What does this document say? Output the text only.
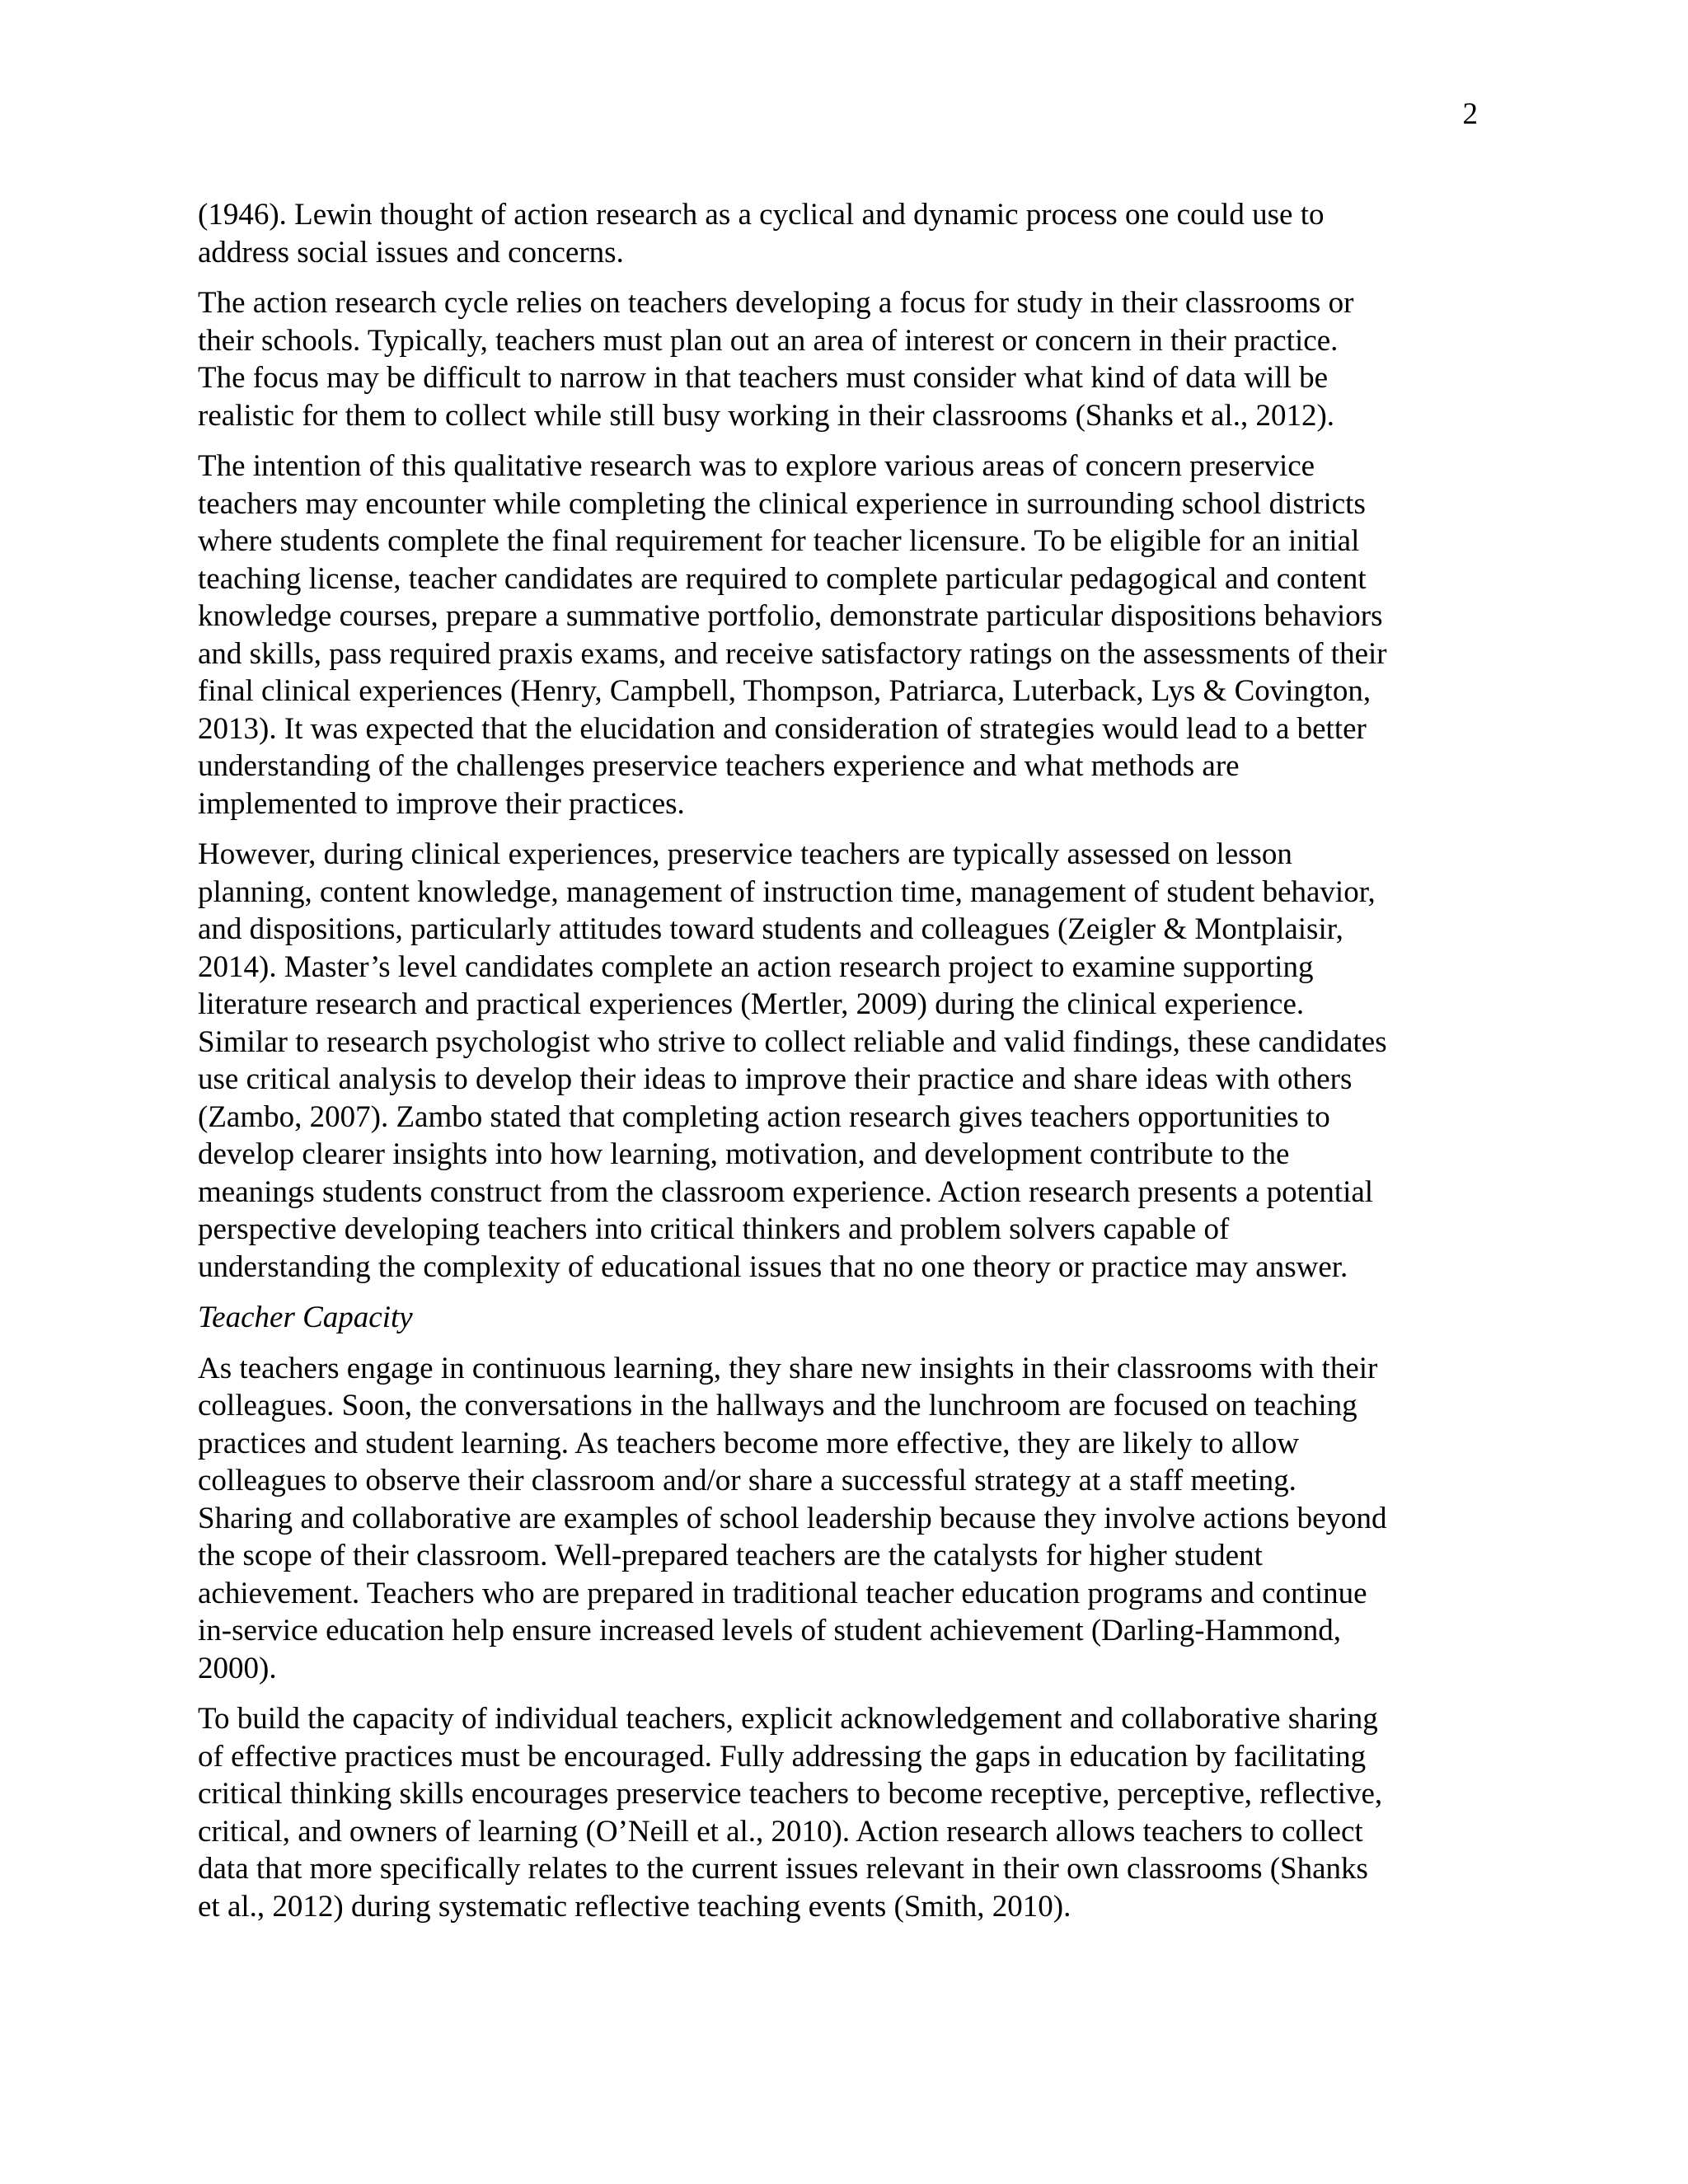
2

(1946). Lewin thought of action research as a cyclical and dynamic process one could use to
address social issues and concerns.

The action research cycle relies on teachers developing a focus for study in their classrooms or
their schools. Typically, teachers must plan out an area of interest or concern in their practice.
The focus may be difficult to narrow in that teachers must consider what kind of data will be
realistic for them to collect while still busy working in their classrooms (Shanks et al., 2012).

The intention of this qualitative research was to explore various areas of concern preservice
teachers may encounter while completing the clinical experience in surrounding school districts
where students complete the final requirement for teacher licensure. To be eligible for an initial
teaching license, teacher candidates are required to complete particular pedagogical and content
knowledge courses, prepare a summative portfolio, demonstrate particular dispositions behaviors
and skills, pass required praxis exams, and receive satisfactory ratings on the assessments of their
final clinical experiences (Henry, Campbell, Thompson, Patriarca, Luterback, Lys & Covington,
2013). It was expected that the elucidation and consideration of strategies would lead to a better
understanding of the challenges preservice teachers experience and what methods are
implemented to improve their practices.

However, during clinical experiences, preservice teachers are typically assessed on lesson
planning, content knowledge, management of instruction time, management of student behavior,
and dispositions, particularly attitudes toward students and colleagues (Zeigler & Montplaisir,
2014). Master’s level candidates complete an action research project to examine supporting
literature research and practical experiences (Mertler, 2009) during the clinical experience.
Similar to research psychologist who strive to collect reliable and valid findings, these candidates
use critical analysis to develop their ideas to improve their practice and share ideas with others
(Zambo, 2007). Zambo stated that completing action research gives teachers opportunities to
develop clearer insights into how learning, motivation, and development contribute to the
meanings students construct from the classroom experience. Action research presents a potential
perspective developing teachers into critical thinkers and problem solvers capable of
understanding the complexity of educational issues that no one theory or practice may answer.

Teacher Capacity

As teachers engage in continuous learning, they share new insights in their classrooms with their
colleagues. Soon, the conversations in the hallways and the lunchroom are focused on teaching
practices and student learning. As teachers become more effective, they are likely to allow
colleagues to observe their classroom and/or share a successful strategy at a staff meeting.
Sharing and collaborative are examples of school leadership because they involve actions beyond
the scope of their classroom. Well-prepared teachers are the catalysts for higher student
achievement. Teachers who are prepared in traditional teacher education programs and continue
in-service education help ensure increased levels of student achievement (Darling-Hammond,
2000).

To build the capacity of individual teachers, explicit acknowledgement and collaborative sharing
of effective practices must be encouraged. Fully addressing the gaps in education by facilitating
critical thinking skills encourages preservice teachers to become receptive, perceptive, reflective,
critical, and owners of learning (O’Neill et al., 2010). Action research allows teachers to collect
data that more specifically relates to the current issues relevant in their own classrooms (Shanks
et al., 2012) during systematic reflective teaching events (Smith, 2010).
